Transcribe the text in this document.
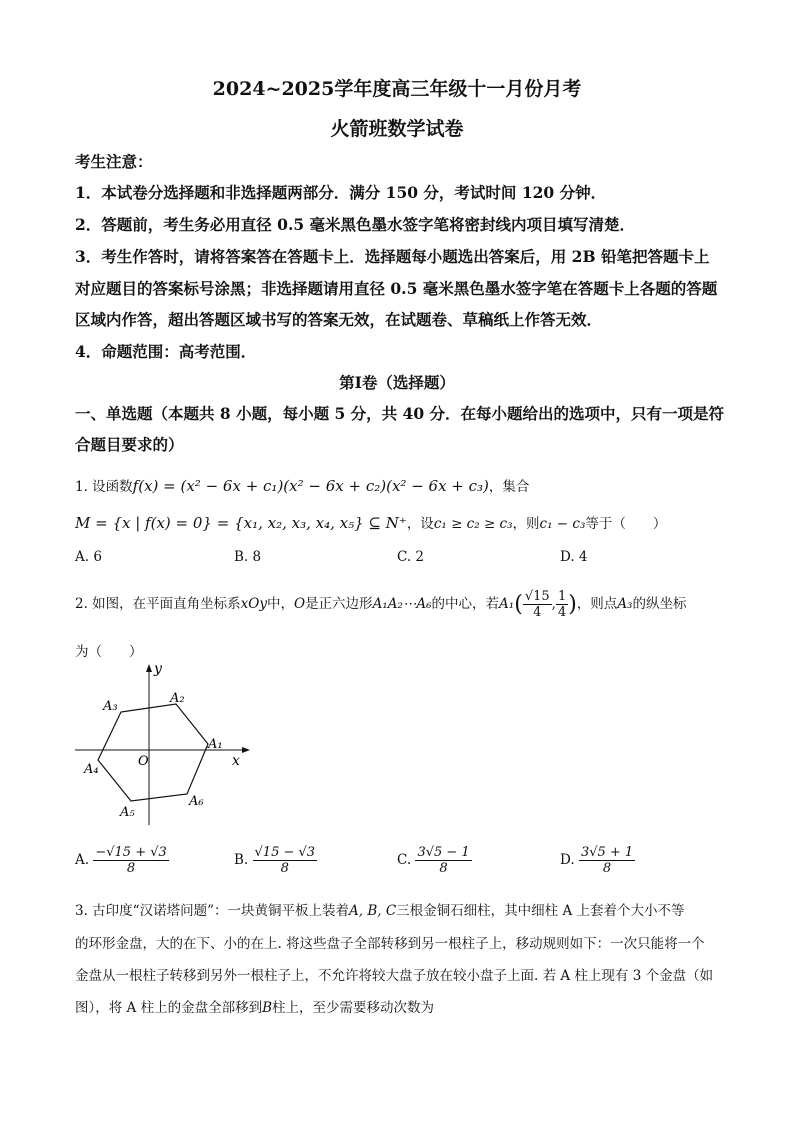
2024~2025学年度高三年级十一月份月考
火箭班数学试卷
考生注意：
1．本试卷分选择题和非选择题两部分．满分 150 分，考试时间 120 分钟．
2．答题前，考生务必用直径 0.5 毫米黑色墨水签字笔将密封线内项目填写清楚．
3．考生作答时，请将答案答在答题卡上．选择题每小题选出答案后，用 2B 铅笔把答题卡上
对应题目的答案标号涂黑；非选择题请用直径 0.5 毫米黑色墨水签字笔在答题卡上各题的答题
区域内作答，超出答题区域书写的答案无效，在试题卷、草稿纸上作答无效．
4．命题范围：高考范围．
第Ⅰ卷（选择题）
一、单选题（本题共 8 小题，每小题 5 分，共 40 分．在每小题给出的选项中，只有一项是符
合题目要求的）
1. 设函数f(x) = (x² − 6x + c₁)(x² − 6x + c₂)(x² − 6x + c₃)，集合
M = {x | f(x) = 0} = {x₁, x₂, x₃, x₄, x₅} ⊆ N⁺，设c₁ ≥ c₂ ≥ c₃，则c₁ − c₃等于（　　）
A. 6	B. 8	C. 2	D. 4
2. 如图，在平面直角坐标系xOy中，O是正六边形A₁A₂⋯A₆的中心，若$A_1( \frac{√15}{4}$ , $\frac{1}{4}$ )，则点A₃的纵坐标
为（　　）
y
x
O
A₁
A₂
A₃
A₄
A₅
A₆
A. $\frac{-√15 + √3}{8}$	B. $\frac{√15 - √3}{8}$	C. $\frac{3√5 - 1}{8}$	D. $\frac{3√5 + 1}{8}$
3. 古印度“汉诺塔问题”：一块黄铜平板上装着A, B, C三根金铜石细柱，其中细柱 A 上套着个大小不等
的环形金盘，大的在下、小的在上. 将这些盘子全部转移到另一根柱子上，移动规则如下：一次只能将一个
金盘从一根柱子转移到另外一根柱子上，不允许将较大盘子放在较小盘子上面. 若 A 柱上现有 3 个金盘（如
图），将 A 柱上的金盘全部移到B柱上，至少需要移动次数为
